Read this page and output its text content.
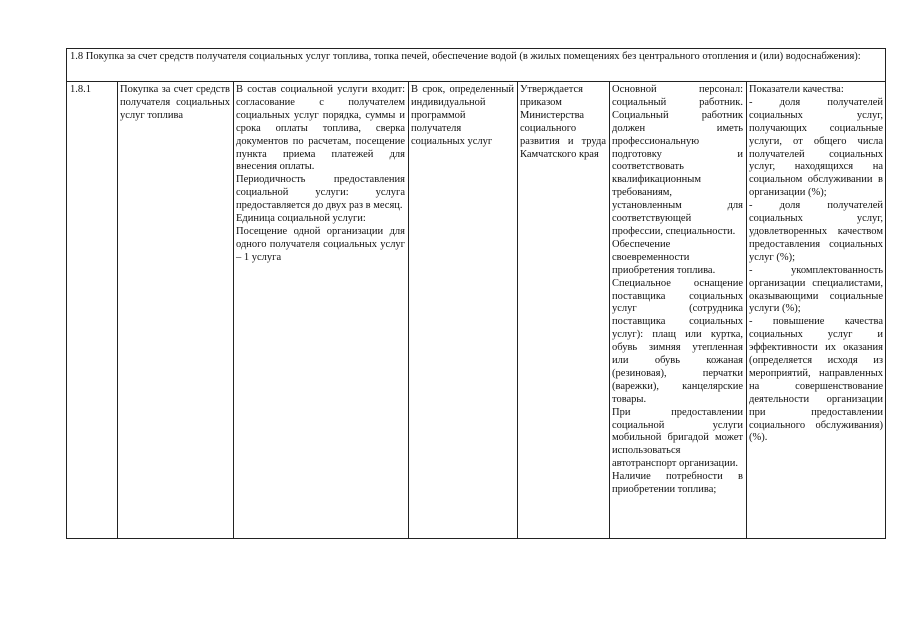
1.8 Покупка за счет средств получателя социальных услуг топлива, топка печей, обеспечение водой (в жилых помещениях без центрального отопления и (или) водоснабжения):
1.8.1	Покупка за счет средств получателя социальных услуг топлива

В состав социальной услуги входит: согласование с получателем социальных услуг порядка, суммы и срока оплаты топлива, сверка документов по расчетам, посещение пункта приема платежей для внесения оплаты.

Периодичность предоставления социальной услуги: услуга предоставляется до двух раз в месяц.

Единица социальной услуги:

Посещение одной организации для одного получателя социальных услуг – 1 услуга

В срок, определенный индивидуальной программой получателя социальных услуг

Утверждается приказом Министерства социального развития и труда Камчатского края

Основной персонал: социальный работник. Социальный работник должен иметь профессиональную подготовку и соответствовать квалификационным требованиям, установленным для соответствующей профессии, специальности.

Обеспечение своевременности приобретения топлива.

Специальное оснащение поставщика социальных услуг (сотрудника поставщика социальных услуг): плащ или куртка, обувь зимняя утепленная или обувь кожаная (резиновая), перчатки (варежки), канцелярские товары.

При предоставлении социальной услуги мобильной бригадой может использоваться автотранспорт организации.

Наличие потребности в приобретении топлива;

Показатели качества:

- доля получателей социальных услуг, получающих социальные услуги, от общего числа получателей социальных услуг, находящихся на социальном обслуживании в организации (%);

- доля получателей социальных услуг, удовлетворенных качеством предоставления социальных услуг (%);

- укомплектованность организации специалистами, оказывающими социальные услуги (%);

- повышение качества социальных услуг и эффективности их оказания (определяется исходя из мероприятий, направленных на совершенствование деятельности организации при предоставлении социального обслуживания) (%).
